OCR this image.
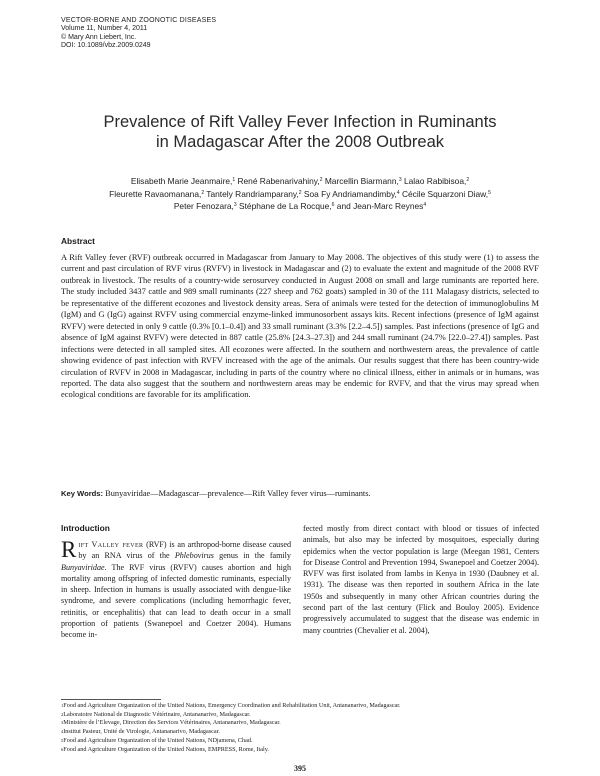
VECTOR-BORNE AND ZOONOTIC DISEASES
Volume 11, Number 4, 2011
© Mary Ann Liebert, Inc.
DOI: 10.1089/vbz.2009.0249
Prevalence of Rift Valley Fever Infection in Ruminants
in Madagascar After the 2008 Outbreak
Elisabeth Marie Jeanmaire,$^1$ René Rabenarivahiny,$^2$ Marcellin Biarmann,$^3$ Lalao Rabibisoa,$^2$
Fleurette Ravaomanana,$^2$ Tantely Randriamparany,$^2$ Soa Fy Andriamandimby,$^4$ Cécile Squarzoni Diaw,$^5$
Peter Fenozara,$^3$ Stéphane de La Rocque,$^6$ and Jean-Marc Reynes$^4$
Abstract
A Rift Valley fever (RVF) outbreak occurred in Madagascar from January to May 2008. The objectives of this study were (1) to assess the current and past circulation of RVF virus (RVFV) in livestock in Madagascar and (2) to evaluate the extent and magnitude of the 2008 RVF outbreak in livestock. The results of a country-wide serosurvey conducted in August 2008 on small and large ruminants are reported here. The study included 3437 cattle and 989 small ruminants (227 sheep and 762 goats) sampled in 30 of the 111 Malagasy districts, selected to be representative of the different ecozones and livestock density areas. Sera of animals were tested for the detection of immunoglobulins M (IgM) and G (IgG) against RVFV using commercial enzyme-linked immunosorbent assays kits. Recent infections (presence of IgM against RVFV) were detected in only 9 cattle (0.3% [0.1–0.4]) and 33 small ruminant (3.3% [2.2–4.5]) samples. Past infections (presence of IgG and absence of IgM against RVFV) were detected in 887 cattle (25.8% [24.3–27.3]) and 244 small ruminant (24.7% [22.0–27.4]) samples. Past infections were detected in all sampled sites. All ecozones were affected. In the southern and northwestern areas, the prevalence of cattle showing evidence of past infection with RVFV increased with the age of the animals. Our results suggest that there has been country-wide circulation of RVFV in 2008 in Madagascar, including in parts of the country where no clinical illness, either in animals or in humans, was reported. The data also suggest that the southern and northwestern areas may be endemic for RVFV, and that the virus may spread when ecological conditions are favorable for its amplification.
Key Words: Bunyaviridae—Madagascar—prevalence—Rift Valley fever virus—ruminants.
Introduction
Rift Valley fever (RVF) is an arthropod-borne disease caused by an RNA virus of the Phlebovirus genus in the family Bunyaviridae. The RVF virus (RVFV) causes abortion and high mortality among offspring of infected domestic ruminants, especially in sheep. Infection in humans is usually associated with dengue-like syndrome, and severe complications (including hemorrhagic fever, retinitis, or encephalitis) that can lead to death occur in a small proportion of patients (Swanepoel and Coetzer 2004). Humans become in-
fected mostly from direct contact with blood or tissues of infected animals, but also may be infected by mosquitoes, especially during epidemics when the vector population is large (Meegan 1981, Centers for Disease Control and Prevention 1994, Swanepoel and Coetzer 2004). RVFV was first isolated from lambs in Kenya in 1930 (Daubney et al. 1931). The disease was then reported in southern Africa in the late 1950s and subsequently in many other African countries during the second part of the last century (Flick and Bouloy 2005). Evidence progressively accumulated to suggest that the disease was endemic in many countries (Chevalier et al. 2004),
$^1$Food and Agriculture Organization of the United Nations, Emergency Coordination and Rehabilitation Unit, Antananarivo, Madagascar.
$^2$Laboratoire National de Diagnostic Vétérinaire, Antananarivo, Madagascar.
$^3$Ministère de l’Elevage, Direction des Services Vétérinaires, Antananarivo, Madagascar.
$^4$Institut Pasteur, Unité de Virologie, Antananarivo, Madagascar.
$^5$Food and Agriculture Organization of the United Nations, NDjamena, Chad.
$^6$Food and Agriculture Organization of the United Nations, EMPRESS, Rome, Italy.
395
